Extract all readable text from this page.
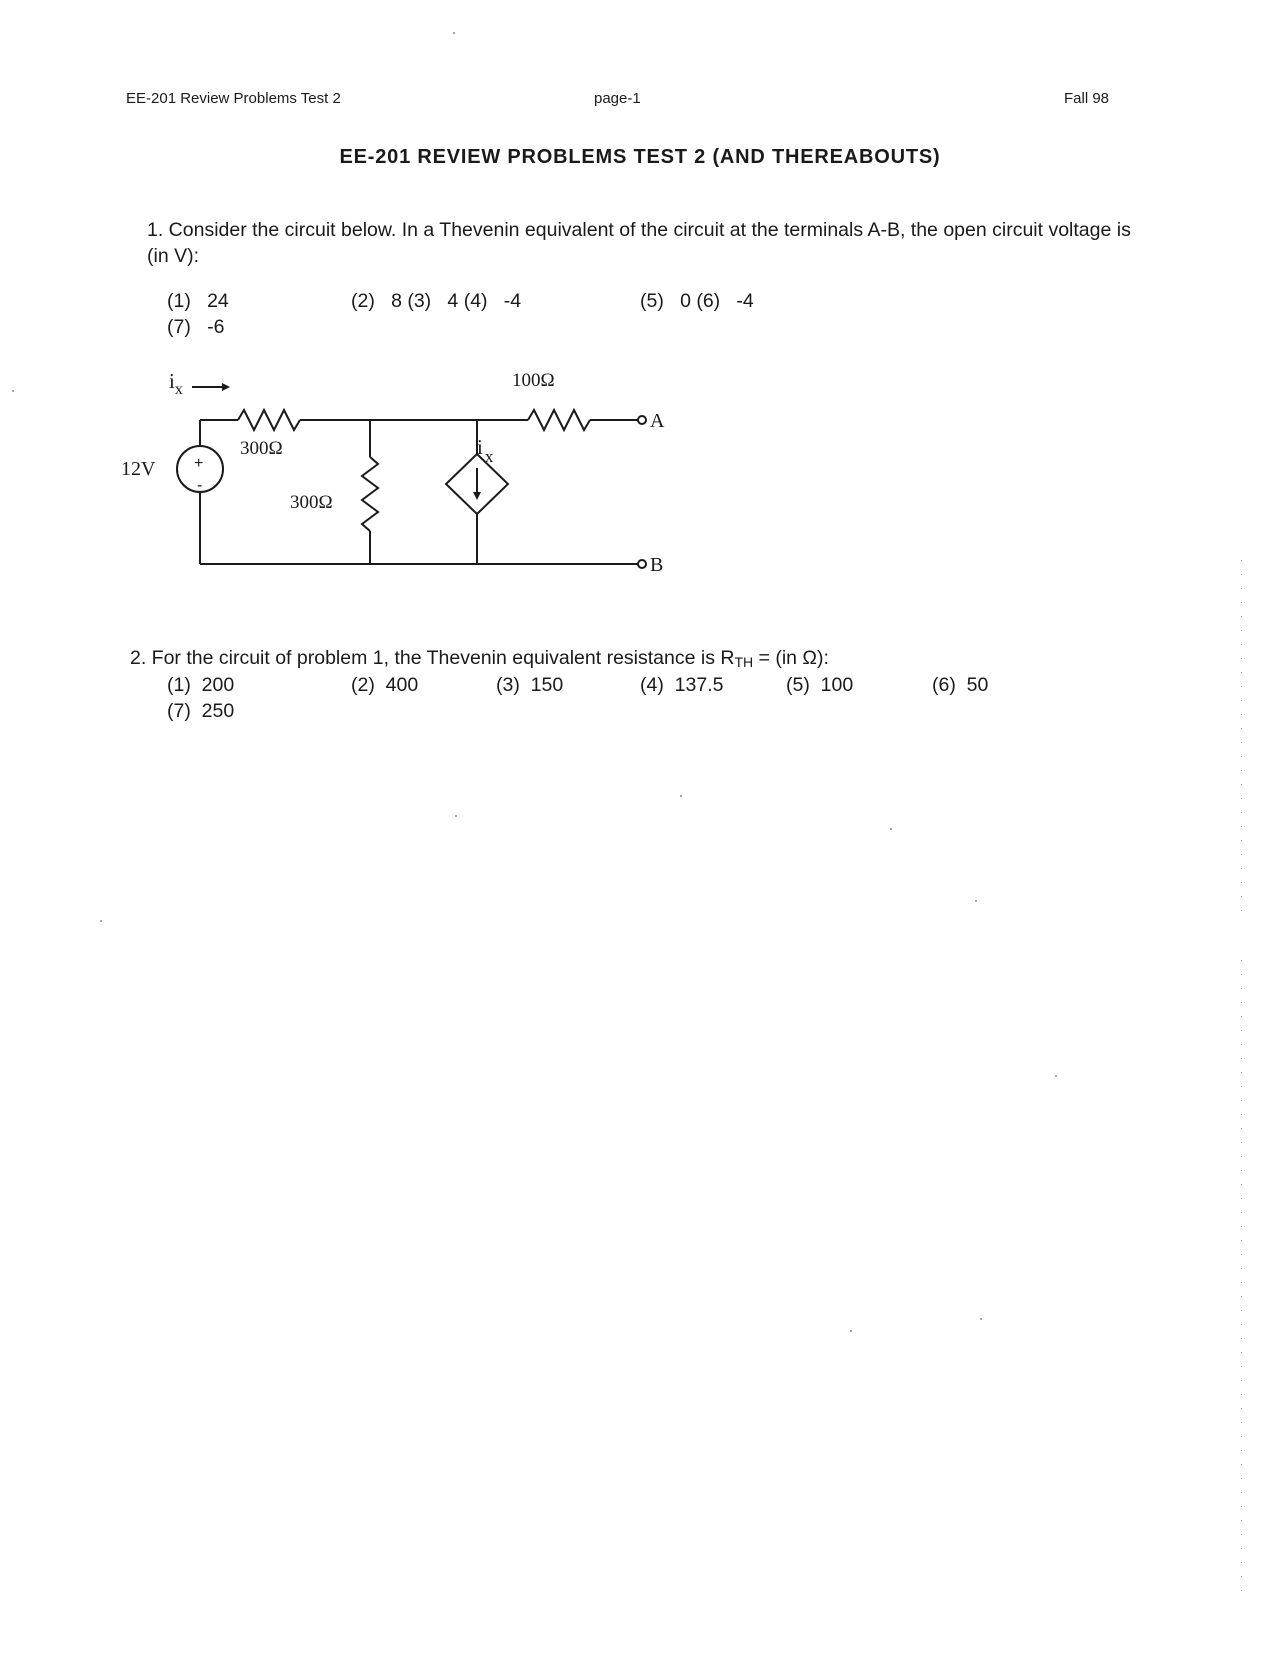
EE-201 Review Problems Test 2	page-1	Fall 98
EE-201 REVIEW PROBLEMS TEST 2 (AND THEREABOUTS)
1. Consider the circuit below. In a Thevenin equivalent of the circuit at the terminals A-B, the open circuit voltage is (in V):
(1)   24	(2)   8 (3)   4 (4)   -4	(5)   0 (6)   -4
(7)   -6
$i_x$
12V +
-
300Ω
300Ω
100Ω
i $_x$
A
B
2. For the circuit of problem 1, the Thevenin equivalent resistance is $R_{TH} = (in$ Ω):
(1)  200	(2)  400	(3)  150	(4)  137.5	(5)  100	(6)  50
(7)  250
